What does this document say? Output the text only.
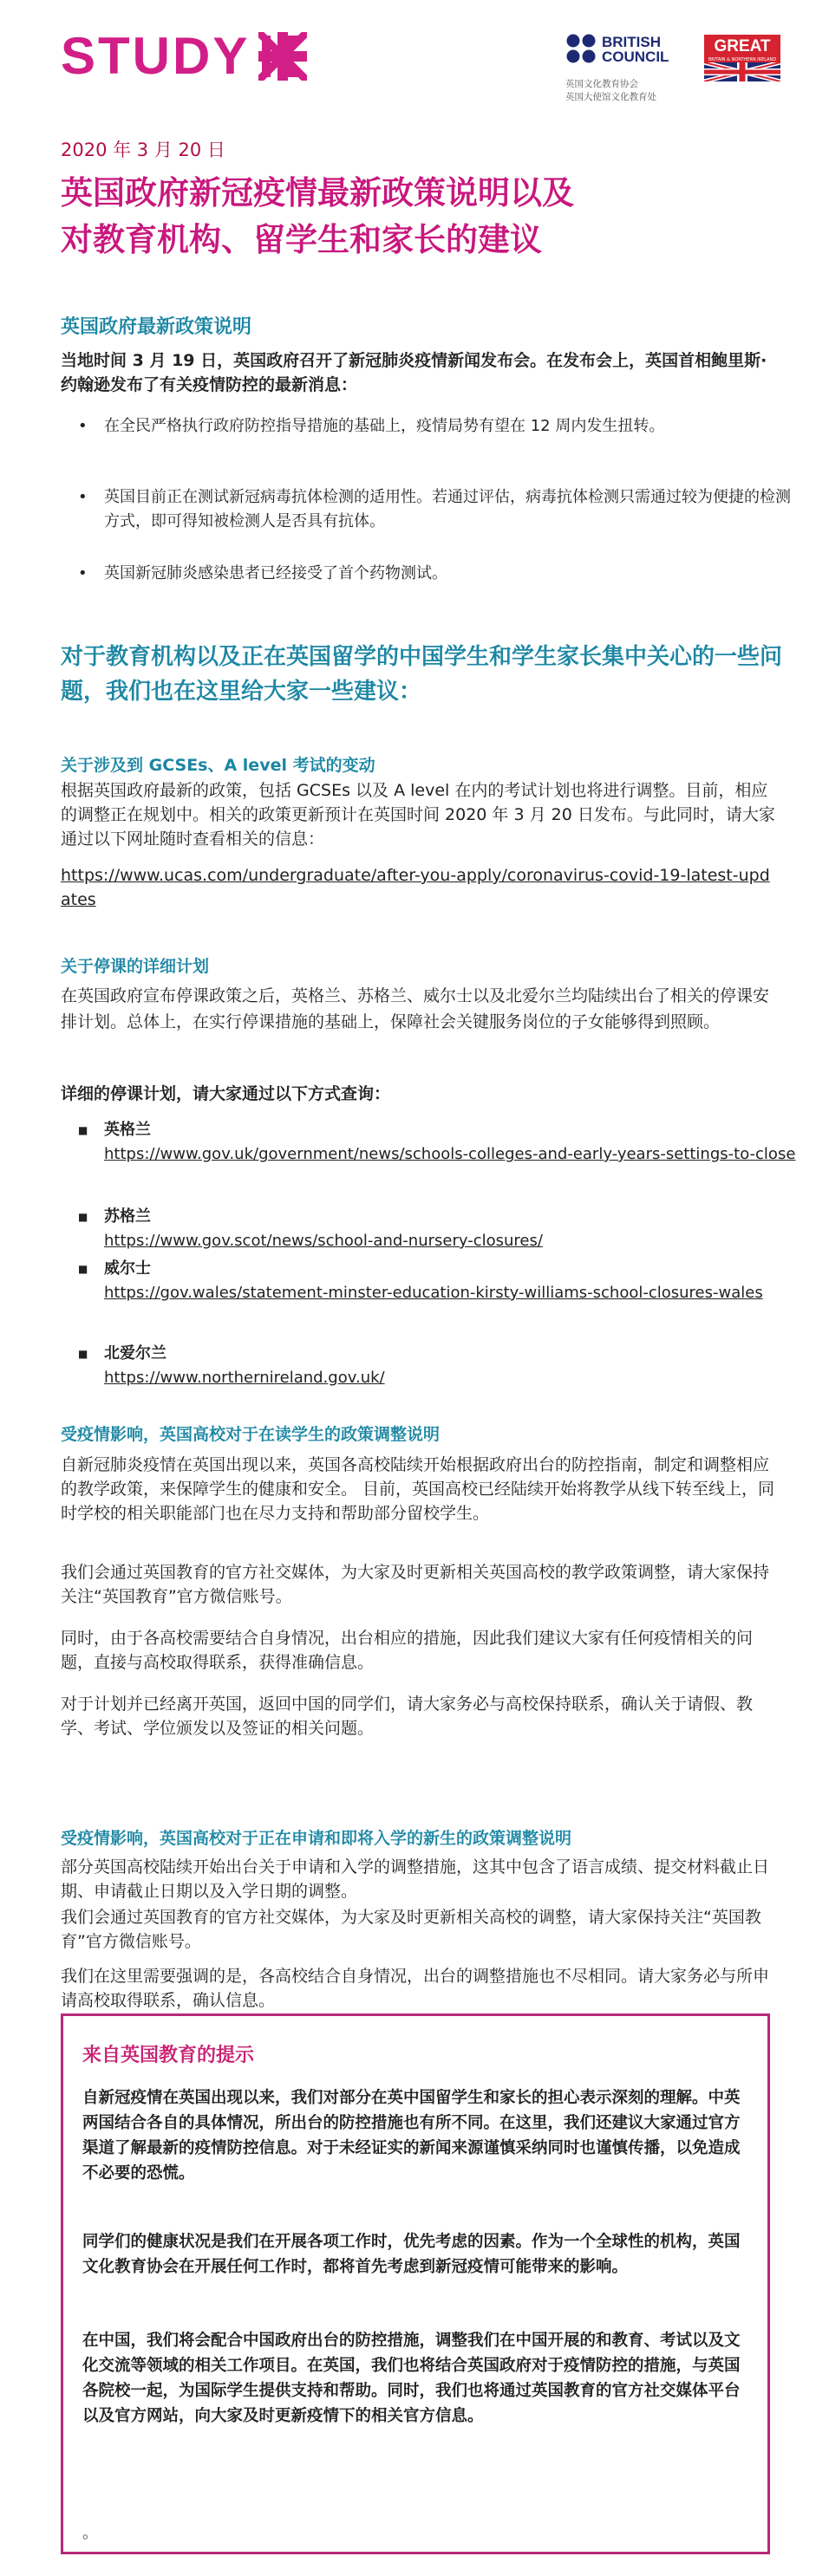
STUDY	BRITISH
COUNCIL
英国文化教育协会
英国大使馆文化教育处
GREAT
BRITAIN & NORTHERN IRELAND
2020 年 3 月 20 日
英国政府新冠疫情最新政策说明以及
对教育机构、留学生和家长的建议
英国政府最新政策说明

当地时间 3 月 19 日，英国政府召开了新冠肺炎疫情新闻发布会。在发布会上，英国首相鲍里斯·约翰逊发布了有关疫情防控的最新消息：

• 在全民严格执行政府防控指导措施的基础上，疫情局势有望在 12 周内发生扭转。
• 英国目前正在测试新冠病毒抗体检测的适用性。若通过评估，病毒抗体检测只需通过较为便捷的检测方式，即可得知被检测人是否具有抗体。
• 英国新冠肺炎感染患者已经接受了首个药物测试。
对于教育机构以及正在英国留学的中国学生和学生家长集中关心的一些问题，我们也在这里给大家一些建议：
关于涉及到 GCSEs、A level 考试的变动

根据英国政府最新的政策，包括 GCSEs 以及 A level 在内的考试计划也将进行调整。目前，相应的调整正在规划中。相关的政策更新预计在英国时间 2020 年 3 月 20 日发布。与此同时，请大家通过以下网址随时查看相关的信息：

https://www.ucas.com/undergraduate/after-you-apply/coronavirus-covid-19-latest-updates
关于停课的详细计划

在英国政府宣布停课政策之后，英格兰、苏格兰、威尔士以及北爱尔兰均陆续出台了相关的停课安排计划。总体上，在实行停课措施的基础上，保障社会关键服务岗位的子女能够得到照顾。

详细的停课计划，请大家通过以下方式查询：

■ 英格兰
https://www.gov.uk/government/news/schools-colleges-and-early-years-settings-to-close
■ 苏格兰
https://www.gov.scot/news/school-and-nursery-closures/
■ 威尔士
https://gov.wales/statement-minster-education-kirsty-williams-school-closures-wales
■ 北爱尔兰
https://www.northernireland.gov.uk/
受疫情影响，英国高校对于在读学生的政策调整说明

自新冠肺炎疫情在英国出现以来，英国各高校陆续开始根据政府出台的防控指南，制定和调整相应的教学政策，来保障学生的健康和安全。 目前，英国高校已经陆续开始将教学从线下转至线上，同时学校的相关职能部门也在尽力支持和帮助部分留校学生。

我们会通过英国教育的官方社交媒体，为大家及时更新相关英国高校的教学政策调整，请大家保持关注“英国教育”官方微信账号。

同时，由于各高校需要结合自身情况，出台相应的措施，因此我们建议大家有任何疫情相关的问题，直接与高校取得联系，获得准确信息。

对于计划并已经离开英国，返回中国的同学们，请大家务必与高校保持联系，确认关于请假、教学、考试、学位颁发以及签证的相关问题。

受疫情影响，英国高校对于正在申请和即将入学的新生的政策调整说明

部分英国高校陆续开始出台关于申请和入学的调整措施，这其中包含了语言成绩、提交材料截止日期、申请截止日期以及入学日期的调整。

我们会通过英国教育的官方社交媒体，为大家及时更新相关高校的调整，请大家保持关注“英国教育”官方微信账号。

我们在这里需要强调的是，各高校结合自身情况，出台的调整措施也不尽相同。请大家务必与所申请高校取得联系，确认信息。

来自英国教育的提示

自新冠疫情在英国出现以来，我们对部分在英中国留学生和家长的担心表示深刻的理解。中英两国结合各自的具体情况，所出台的防控措施也有所不同。在这里，我们还建议大家通过官方渠道了解最新的疫情防控信息。对于未经证实的新闻来源谨慎采纳同时也谨慎传播，以免造成不必要的恐慌。

同学们的健康状况是我们在开展各项工作时，优先考虑的因素。作为一个全球性的机构，英国文化教育协会在开展任何工作时，都将首先考虑到新冠疫情可能带来的影响。

在中国，我们将会配合中国政府出台的防控措施，调整我们在中国开展的和教育、考试以及文化交流等领域的相关工作项目。在英国，我们也将结合英国政府对于疫情防控的措施，与英国各院校一起，为国际学生提供支持和帮助。同时，我们也将通过英国教育的官方社交媒体平台以及官方网站，向大家及时更新疫情下的相关官方信息。

。
